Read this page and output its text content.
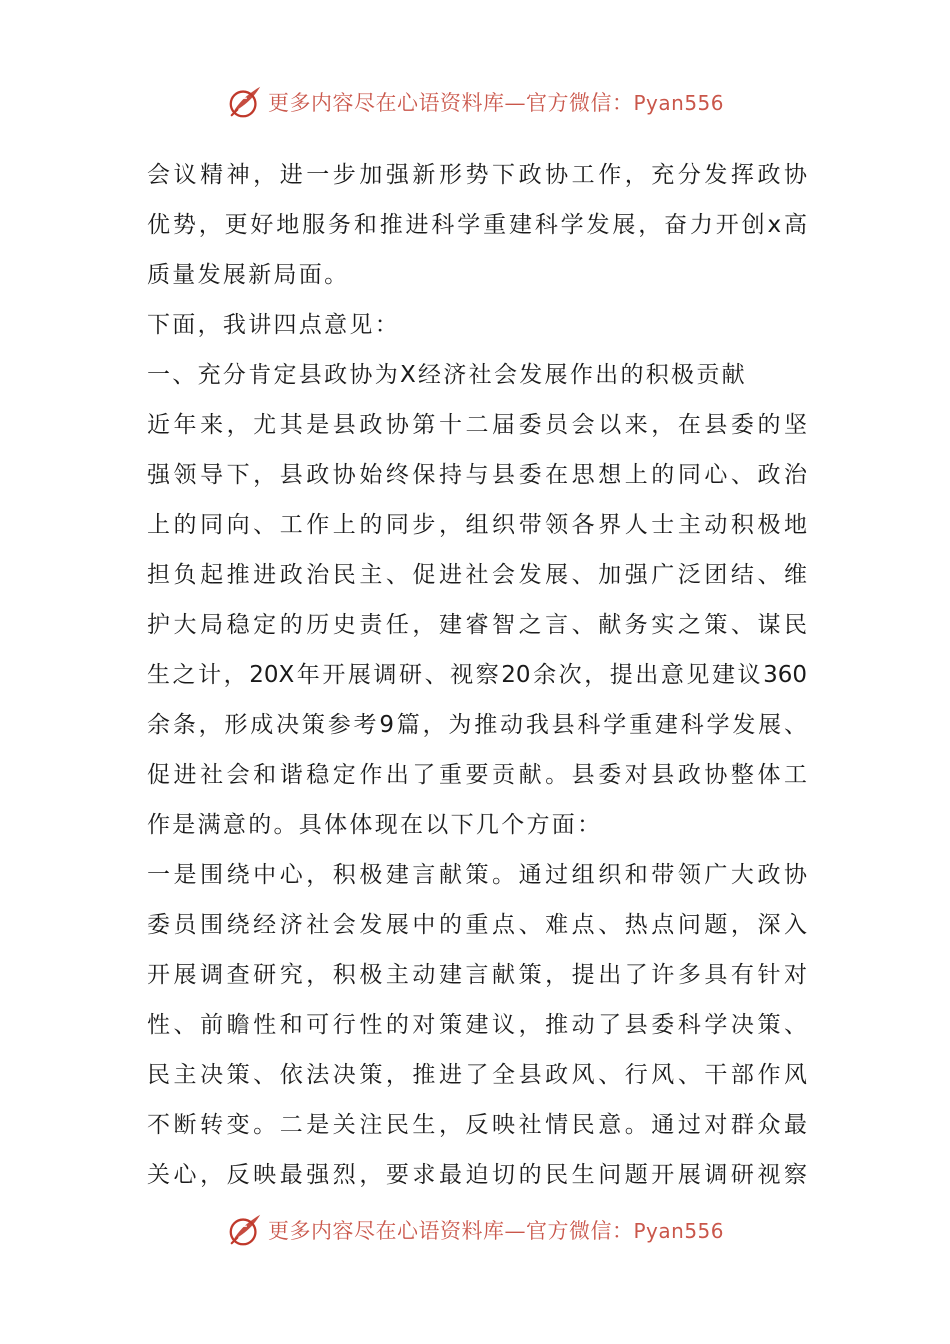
更多内容尽在心语资料库—官方微信：Pyan556
会议精神，进一步加强新形势下政协工作，充分发挥政协
优势，更好地服务和推进科学重建科学发展，奋力开创x高
质量发展新局面。
下面，我讲四点意见：
一、充分肯定县政协为X经济社会发展作出的积极贡献
近年来，尤其是县政协第十二届委员会以来，在县委的坚
强领导下，县政协始终保持与县委在思想上的同心、政治
上的同向、工作上的同步，组织带领各界人士主动积极地
担负起推进政治民主、促进社会发展、加强广泛团结、维
护大局稳定的历史责任，建睿智之言、献务实之策、谋民
生之计，20X年开展调研、视察20余次，提出意见建议360
余条，形成决策参考9篇，为推动我县科学重建科学发展、
促进社会和谐稳定作出了重要贡献。县委对县政协整体工
作是满意的。具体体现在以下几个方面：
一是围绕中心，积极建言献策。通过组织和带领广大政协
委员围绕经济社会发展中的重点、难点、热点问题，深入
开展调查研究，积极主动建言献策，提出了许多具有针对
性、前瞻性和可行性的对策建议，推动了县委科学决策、
民主决策、依法决策，推进了全县政风、行风、干部作风
不断转变。二是关注民生，反映社情民意。通过对群众最
关心，反映最强烈，要求最迫切的民生问题开展调研视察
更多内容尽在心语资料库—官方微信：Pyan556
